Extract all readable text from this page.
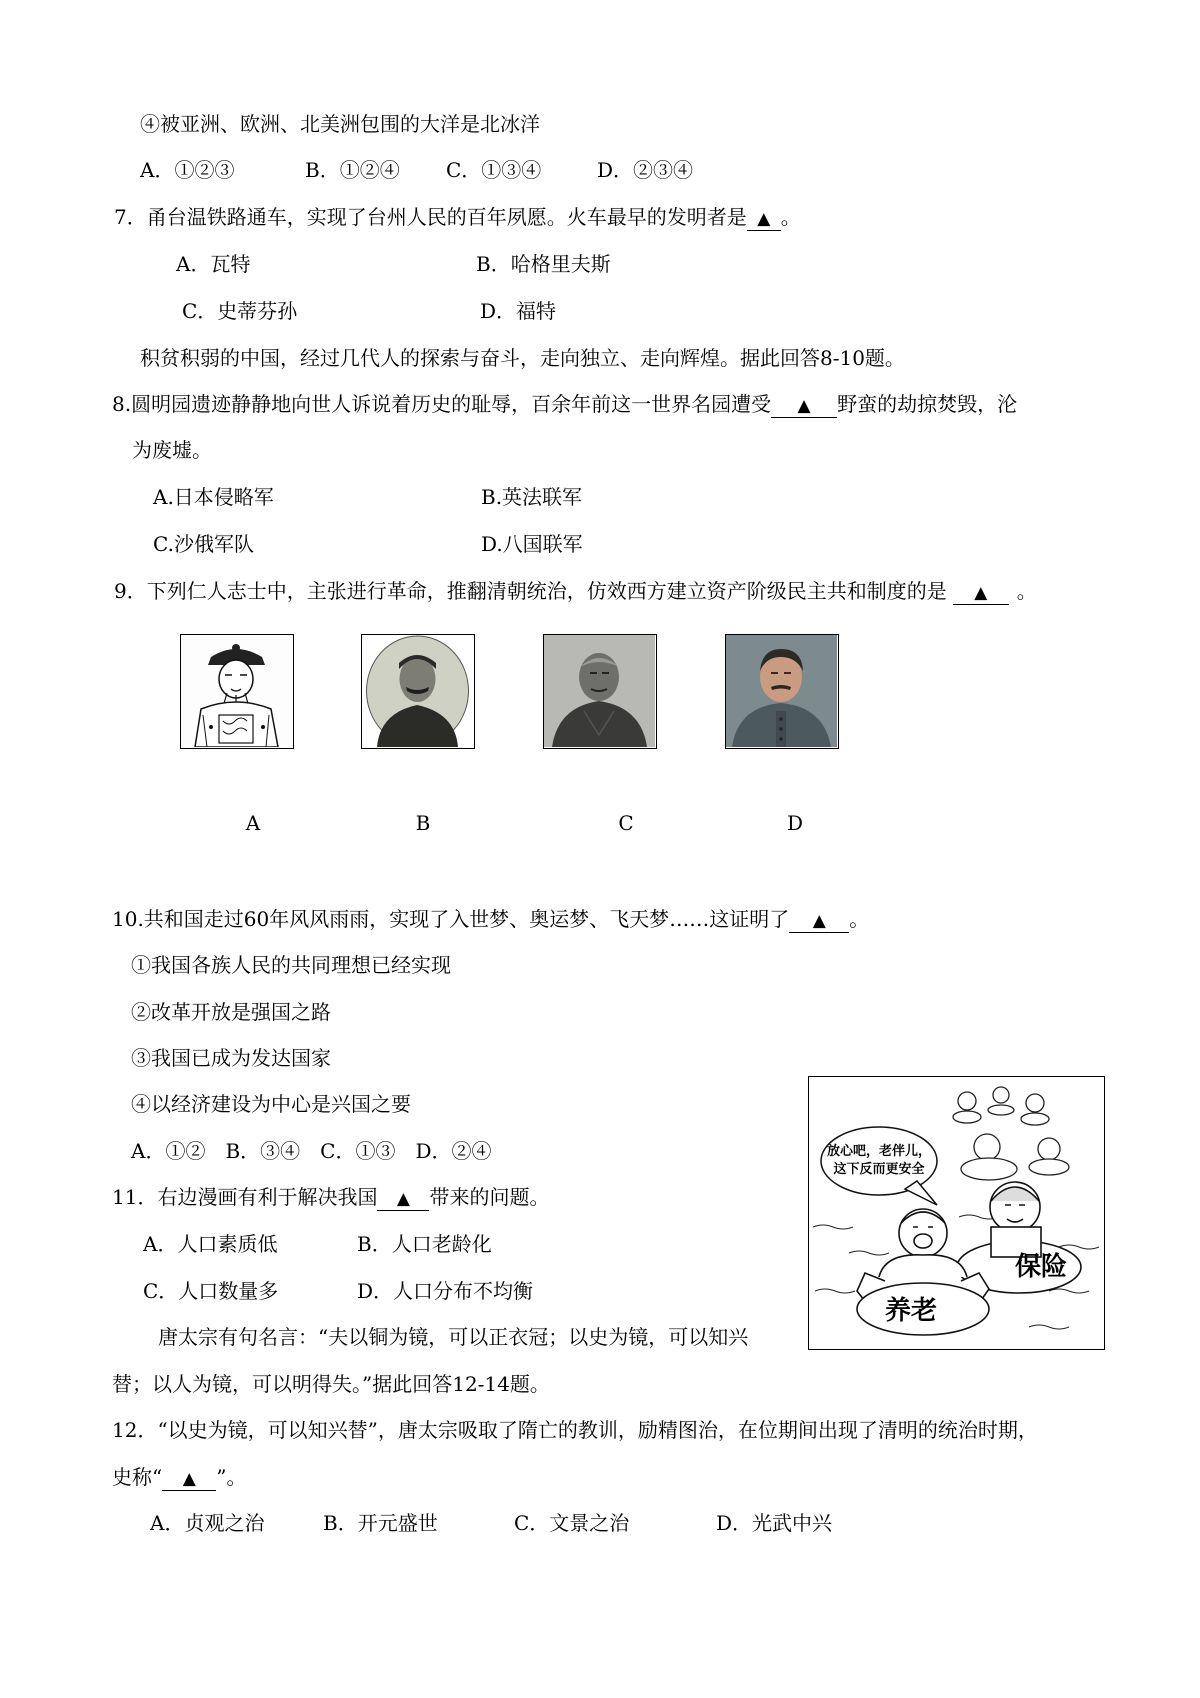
④被亚洲、欧洲、北美洲包围的大洋是北冰洋
A．①②③	B．①②④ C．①③④	D．②③④
7．甬台温铁路通车，实现了台州人民的百年夙愿。火车最早的发明者是 ▲ 。
A．瓦特	B．哈格里夫斯
C．史蒂芬孙	D．福特
积贫积弱的中国，经过几代人的探索与奋斗，走向独立、走向辉煌。据此回答8-10题。
8.圆明园遗迹静静地向世人诉说着历史的耻辱，百余年前这一世界名园遭受 ▲ 野蛮的劫掠焚毁，沦
为废墟。
A.日本侵略军	B.英法联军
C.沙俄军队	D.八国联军
9．下列仁人志士中，主张进行革命，推翻清朝统治，仿效西方建立资产阶级民主共和制度的是 ▲ 。
A	B	C	D
10.共和国走过60年风风雨雨，实现了入世梦、奥运梦、飞天梦……这证明了 ▲ 。
①我国各族人民的共同理想已经实现
②改革开放是强国之路
③我国已成为发达国家
④以经济建设为中心是兴国之要
A．①②　B．③④　C．①③　D．②④
11．右边漫画有利于解决我国 ▲ 带来的问题。
A．人口素质低	B．人口老龄化
C．人口数量多	D．人口分布不均衡
放心吧，老伴儿，
这下反而更安全
养老
保险
唐太宗有句名言：“夫以铜为镜，可以正衣冠；以史为镜，可以知兴
替；以人为镜，可以明得失。”据此回答12-14题。
12．“以史为镜，可以知兴替”，唐太宗吸取了隋亡的教训，励精图治，在位期间出现了清明的统治时期，
史称“ ▲ ”。
A．贞观之治	B．开元盛世	C．文景之治	D．光武中兴
